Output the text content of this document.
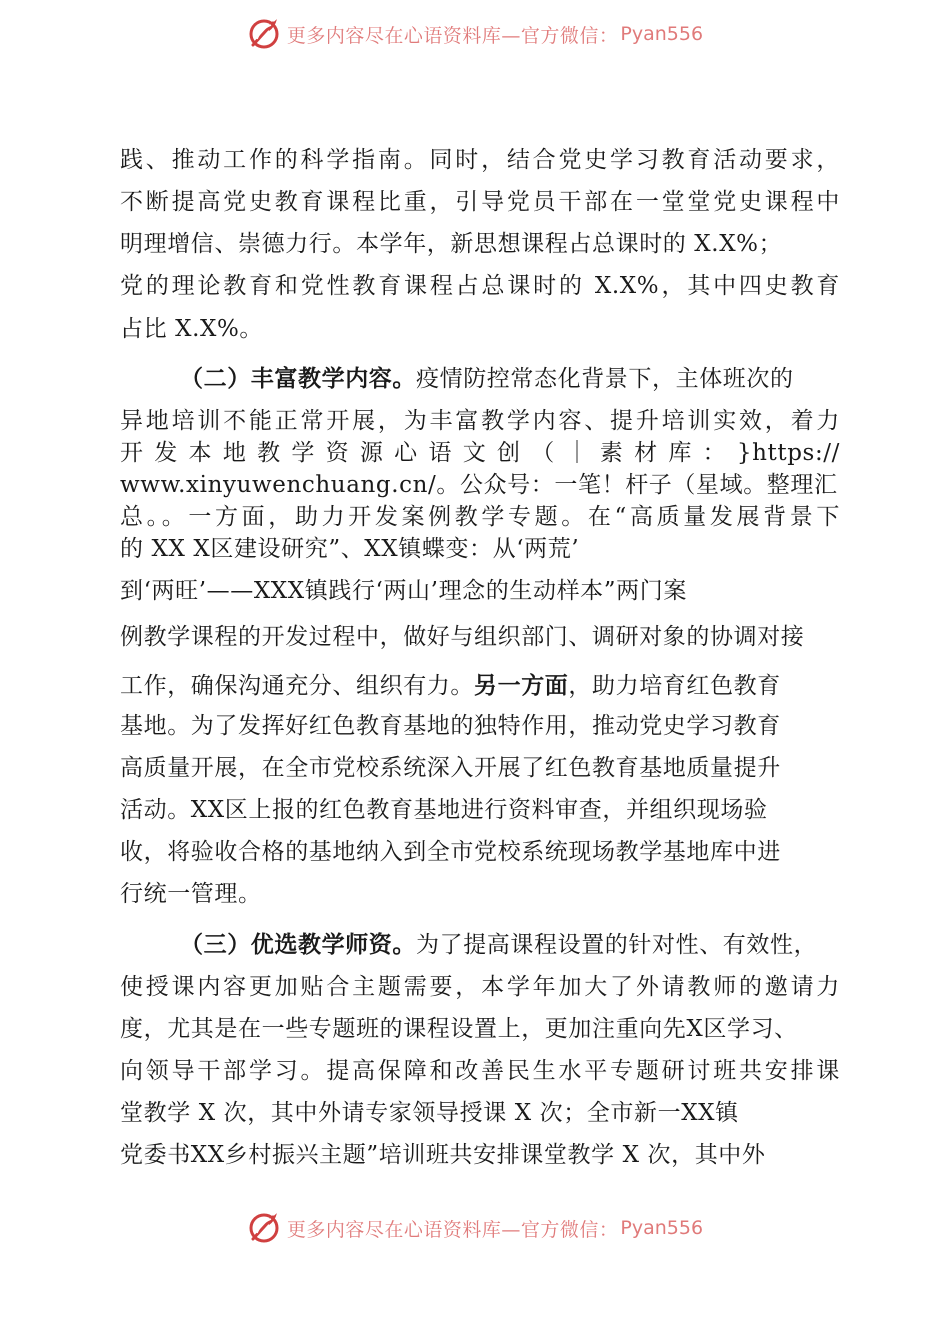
更多内容尽在心语资料库—官方微信： Pyan556
践、推动工作的科学指南。同时，结合党史学习教育活动要求，
不断提高党史教育课程比重，引导党员干部在一堂堂党史课程中
明理增信、崇德力行。本学年，新思想课程占总课时的 X.X%；
党的理论教育和党性教育课程占总课时的 X.X%，其中四史教育
占比 X.X%。
（二）丰富教学内容。疫情防控常态化背景下，主体班次的
异地培训不能正常开展，为丰富教学内容、提升培训实效，着力
开 发 本 地 教 学 资 源 心 语 文 创 （ ｜ 素 材 库 ： }https://
www.xinyuwenchuang.cn/。公众号：一笔！杆子（星域。整理汇
总。。一方面，助力开发案例教学专题。在“高质量发展背景下
的 XX X区建设研究”、XX镇蝶变：从‘两荒’
到‘两旺’——XXX镇践行‘两山’理念的生动样本”两门案
例教学课程的开发过程中，做好与组织部门、调研对象的协调对接
工作，确保沟通充分、组织有力。另一方面，助力培育红色教育
基地。为了发挥好红色教育基地的独特作用，推动党史学习教育
高质量开展，在全市党校系统深入开展了红色教育基地质量提升
活动。XX区上报的红色教育基地进行资料审查，并组织现场验
收，将验收合格的基地纳入到全市党校系统现场教学基地库中进
行统一管理。
（三）优选教学师资。为了提高课程设置的针对性、有效性，
使授课内容更加贴合主题需要，本学年加大了外请教师的邀请力
度，尤其是在一些专题班的课程设置上，更加注重向先X区学习、
向领导干部学习。提高保障和改善民生水平专题研讨班共安排课
堂教学 X 次，其中外请专家领导授课 X 次；全市新一XX镇
党委书XX乡村振兴主题”培训班共安排课堂教学 X 次，其中外
更多内容尽在心语资料库—官方微信： Pyan556
